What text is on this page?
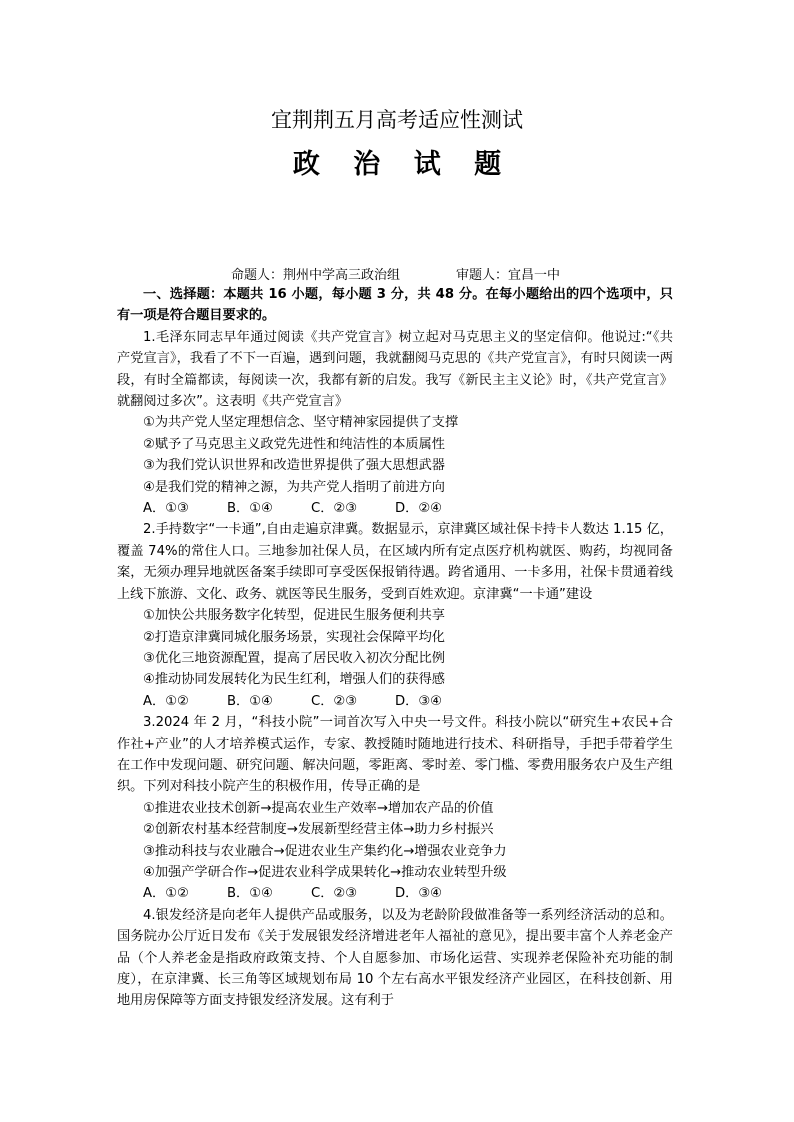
宜荆荆五月高考适应性测试
政 治 试 题
命题人：荆州中学高三政治组	审题人：宜昌一中

一、选择题：本题共 16 小题，每小题 3 分，共 48 分。在每小题给出的四个选项中，只有一项是符合题目要求的。

1.毛泽东同志早年通过阅读《共产党宣言》树立起对马克思主义的坚定信仰。他说过:“《共产党宣言》，我看了不下一百遍，遇到问题，我就翻阅马克思的《共产党宣言》，有时只阅读一两段，有时全篇都读，每阅读一次，我都有新的启发。我写《新民主主义论》时，《共产党宣言》就翻阅过多次”。这表明《共产党宣言》

①为共产党人坚定理想信念、坚守精神家园提供了支撑

②赋予了马克思主义政党先进性和纯洁性的本质属性

③为我们党认识世界和改造世界提供了强大思想武器

④是我们党的精神之源，为共产党人指明了前进方向

A．①③	B．①④	C．②③	D．②④

2.手持数字“一卡通”,自由走遍京津冀。数据显示，京津冀区域社保卡持卡人数达 1.15 亿，覆盖 74%的常住人口。三地参加社保人员，在区域内所有定点医疗机构就医、购药，均视同备案，无须办理异地就医备案手续即可享受医保报销待遇。跨省通用、一卡多用，社保卡贯通着线上线下旅游、文化、政务、就医等民生服务，受到百姓欢迎。京津冀“一卡通”建设

①加快公共服务数字化转型，促进民生服务便利共享

②打造京津冀同城化服务场景，实现社会保障平均化

③优化三地资源配置，提高了居民收入初次分配比例

④推动协同发展转化为民生红利，增强人们的获得感

A．①②	B．①④	C．②③	D．③④

3.2024 年 2 月，“科技小院”一词首次写入中央一号文件。科技小院以“研究生+农民+合作社+产业”的人才培养模式运作，专家、教授随时随地进行技术、科研指导，手把手带着学生在工作中发现问题、研究问题、解决问题，零距离、零时差、零门槛、零费用服务农户及生产组织。下列对科技小院产生的积极作用，传导正确的是

①推进农业技术创新→提高农业生产效率→增加农产品的价值

②创新农村基本经营制度→发展新型经营主体→助力乡村振兴

③推动科技与农业融合→促进农业生产集约化→增强农业竞争力

④加强产学研合作→促进农业科学成果转化→推动农业转型升级

A．①②	B．①④	C．②③	D．③④

4.银发经济是向老年人提供产品或服务，以及为老龄阶段做准备等一系列经济活动的总和。国务院办公厅近日发布《关于发展银发经济增进老年人福祉的意见》，提出要丰富个人养老金产品（个人养老金是指政府政策支持、个人自愿参加、市场化运营、实现养老保险补充功能的制度），在京津冀、长三角等区域规划布局 10 个左右高水平银发经济产业园区，在科技创新、用地用房保障等方面支持银发经济发展。这有利于
